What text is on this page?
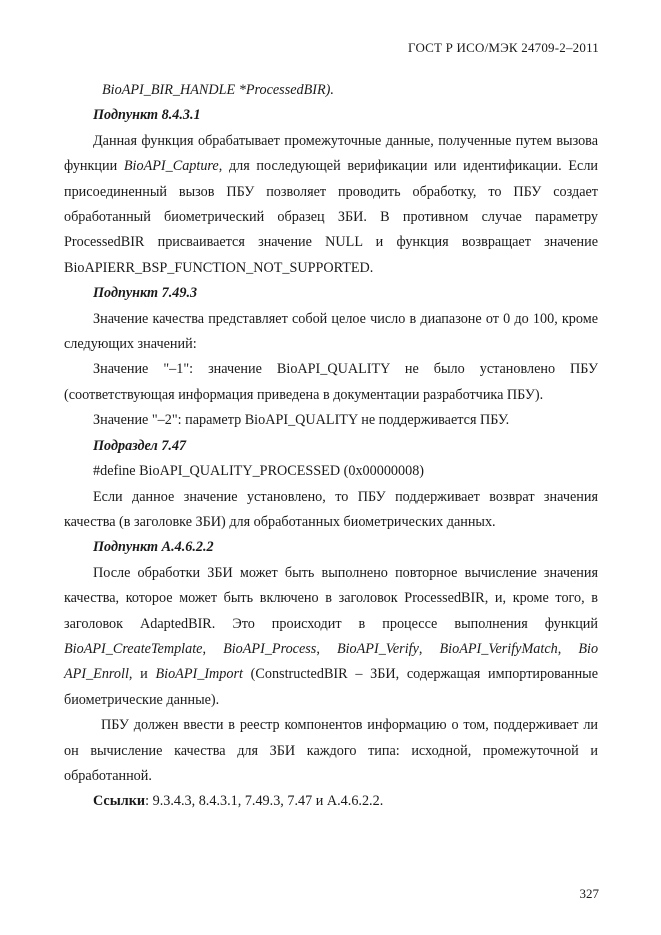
ГОСТ Р ИСО/МЭК 24709-2–2011

BioAPI_BIR_HANDLE *ProcessedBIR).

Подпункт 8.4.3.1

Данная функция обрабатывает промежуточные данные, полученные путем вызова функции BioAPI_Capture, для последующей верификации или идентификации. Если присоединенный вызов ПБУ позволяет проводить обработку, то ПБУ создает обработанный биометрический образец ЗБИ. В противном случае параметру ProcessedBIR присваивается значение NULL и функция возвращает значение BioAPIERR_BSP_FUNCTION_NOT_SUPPORTED.

Подпункт 7.49.3

Значение качества представляет собой целое число в диапазоне от 0 до 100, кроме следующих значений:

Значение "–1": значение BioAPI_QUALITY не было установлено ПБУ (соответствующая информация приведена в документации разработчика ПБУ).

Значение "–2": параметр BioAPI_QUALITY не поддерживается ПБУ.

Подраздел 7.47

#define BioAPI_QUALITY_PROCESSED (0x00000008)

Если данное значение установлено, то ПБУ поддерживает возврат значения качества (в заголовке ЗБИ) для обработанных биометрических данных.

Подпункт А.4.6.2.2

После обработки ЗБИ может быть выполнено повторное вычисление значения качества, которое может быть включено в заголовок ProcessedBIR, и, кроме того, в заголовок AdaptedBIR. Это происходит в процессе выполнения функций BioAPI_CreateTemplate, BioAPI_Process, BioAPI_Verify, BioAPI_VerifyMatch, Bio API_Enroll, и BioAPI_Import (ConstructedBIR – ЗБИ, содержащая импортированные биометрические данные).

ПБУ должен ввести в реестр компонентов информацию о том, поддерживает ли он вычисление качества для ЗБИ каждого типа: исходной, промежуточной и обработанной.

Ссылки: 9.3.4.3, 8.4.3.1, 7.49.3, 7.47 и А.4.6.2.2.

327
